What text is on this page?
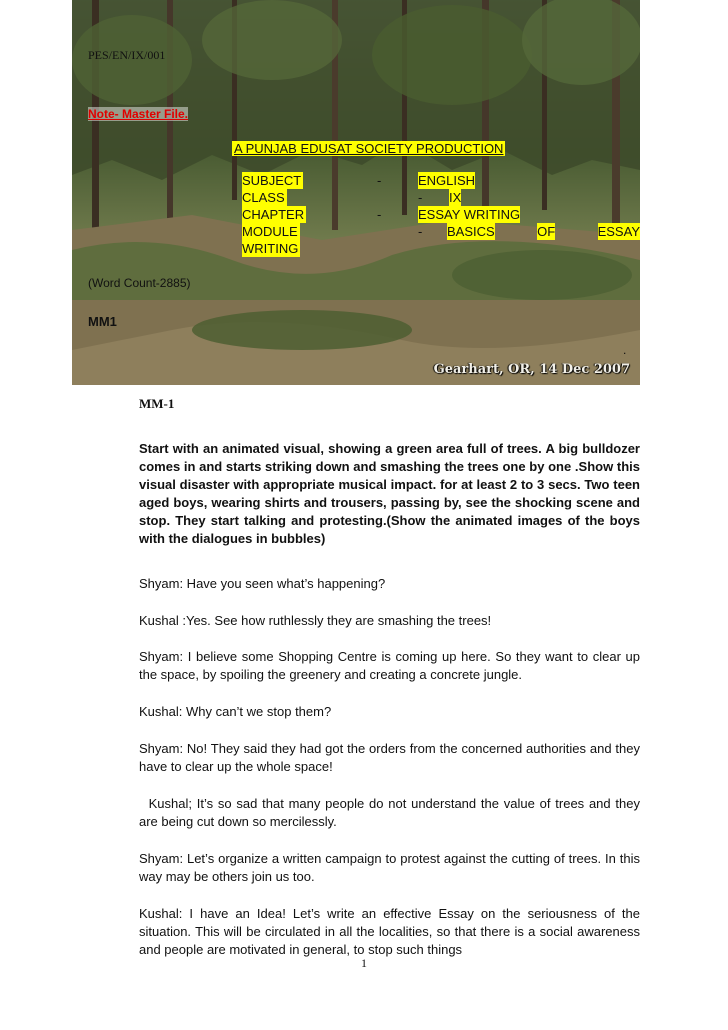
Gearhart, OR, 14 Dec 2007
PES/EN/IX/001
Note- Master File.
A PUNJAB EDUSAT SOCIETY PRODUCTION
SUBJECT	-	ENGLISH
CLASS	- IX
CHAPTER	-	ESSAY WRITING
MODULE	- BASICS	OF	ESSAY
WRITING
(Word Count-2885)
MM1
.
MM-1
Start with an animated visual, showing a green area full of trees. A big bulldozer comes in and starts striking down and smashing the trees one by one .Show this visual disaster with appropriate musical impact. for at least 2 to 3 secs. Two teen aged boys, wearing shirts and trousers, passing by, see the shocking scene and stop. They start talking and protesting.(Show the animated images of the boys with the dialogues in bubbles)
Shyam: Have you seen what’s happening?
Kushal :Yes. See how ruthlessly they are smashing the trees!
Shyam: I believe some Shopping Centre is coming up here. So they want to clear up the space, by spoiling the greenery and creating a concrete jungle.
Kushal: Why can’t we stop them?
Shyam: No! They said they had got the orders from the concerned authorities and they have to clear up the whole space!
Kushal; It’s so sad that many people do not understand the value of trees and they are being cut down so mercilessly.
Shyam: Let’s organize a written campaign to protest against the cutting of trees. In this way may be others join us too.
Kushal: I have an Idea! Let’s write an effective Essay on the seriousness of the situation. This will be circulated in all the localities, so that there is a social awareness and people are motivated in general, to stop such things
1
